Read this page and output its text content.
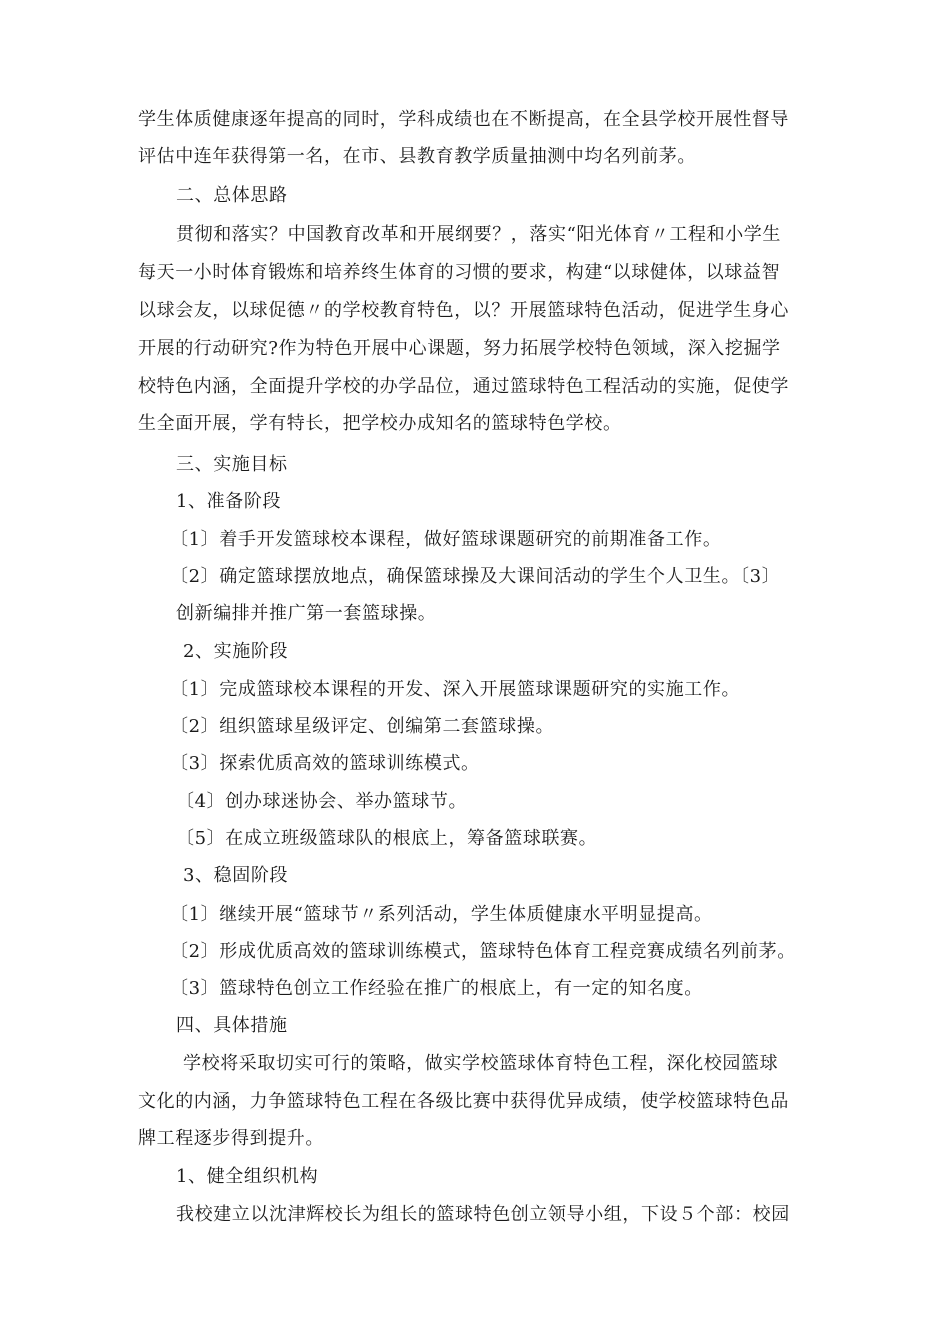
学生体质健康逐年提高的同时，学科成绩也在不断提高，在全县学校开展性督导
评估中连年获得第一名，在市、县教育教学质量抽测中均名列前茅。
二、总体思路
贯彻和落实？中国教育改革和开展纲要？，落实“阳光体育〃工程和小学生
每天一小时体育锻炼和培养终生体育的习惯的要求，构建“以球健体，以球益智
以球会友，以球促德〃的学校教育特色，以？开展篮球特色活动，促进学生身心
开展的行动研究?作为特色开展中心课题，努力拓展学校特色领域，深入挖掘学
校特色内涵，全面提升学校的办学品位，通过篮球特色工程活动的实施，促使学
生全面开展，学有特长，把学校办成知名的篮球特色学校。
三、实施目标
1、准备阶段
〔1〕着手开发篮球校本课程，做好篮球课题研究的前期准备工作。
〔2〕确定篮球摆放地点，确保篮球操及大课间活动的学生个人卫生。〔3〕
创新编排并推广第一套篮球操。
2、实施阶段
〔1〕完成篮球校本课程的开发、深入开展篮球课题研究的实施工作。
〔2〕组织篮球星级评定、创编第二套篮球操。
〔3〕探索优质高效的篮球训练模式。
〔4〕创办球迷协会、举办篮球节。
〔5〕在成立班级篮球队的根底上，筹备篮球联赛。
3、稳固阶段
〔1〕继续开展“篮球节〃系列活动，学生体质健康水平明显提高。
〔2〕形成优质高效的篮球训练模式，篮球特色体育工程竞赛成绩名列前茅。
〔3〕篮球特色创立工作经验在推广的根底上，有一定的知名度。
四、具体措施
学校将采取切实可行的策略，做实学校篮球体育特色工程，深化校园篮球
文化的内涵，力争篮球特色工程在各级比赛中获得优异成绩，使学校篮球特色品
牌工程逐步得到提升。
1、健全组织机构
我校建立以沈津辉校长为组长的篮球特色创立领导小组，下设５个部：校园
